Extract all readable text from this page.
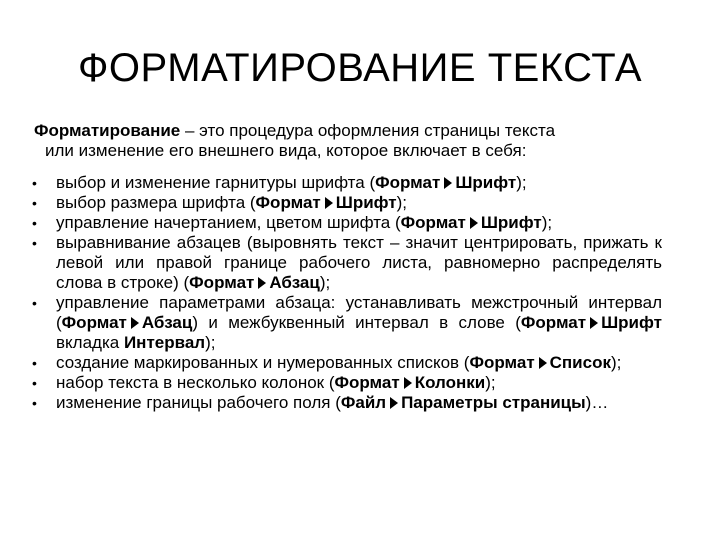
ФОРМАТИРОВАНИЕ ТЕКСТА
Форматирование – это процедура оформления страницы текста
или изменение его внешнего вида, которое включает в себя:
• выбор и изменение гарнитуры шрифта (Формат Шрифт);
• выбор размера шрифта (Формат Шрифт);
• управление начертанием, цветом шрифта (Формат Шрифт);
• выравнивание абзацев (выровнять текст – значит центрировать, прижать к левой или правой границе рабочего листа, равномерно распределять слова в строке) (Формат Абзац);
• управление параметрами абзаца: устанавливать межстрочный интервал (Формат Абзац) и межбуквенный интервал в слове (Формат Шрифт вкладка Интервал);
• создание маркированных и нумерованных списков (Формат Список);
• набор текста в несколько колонок (Формат Колонки);
• изменение границы рабочего поля (Файл Параметры страницы)…
